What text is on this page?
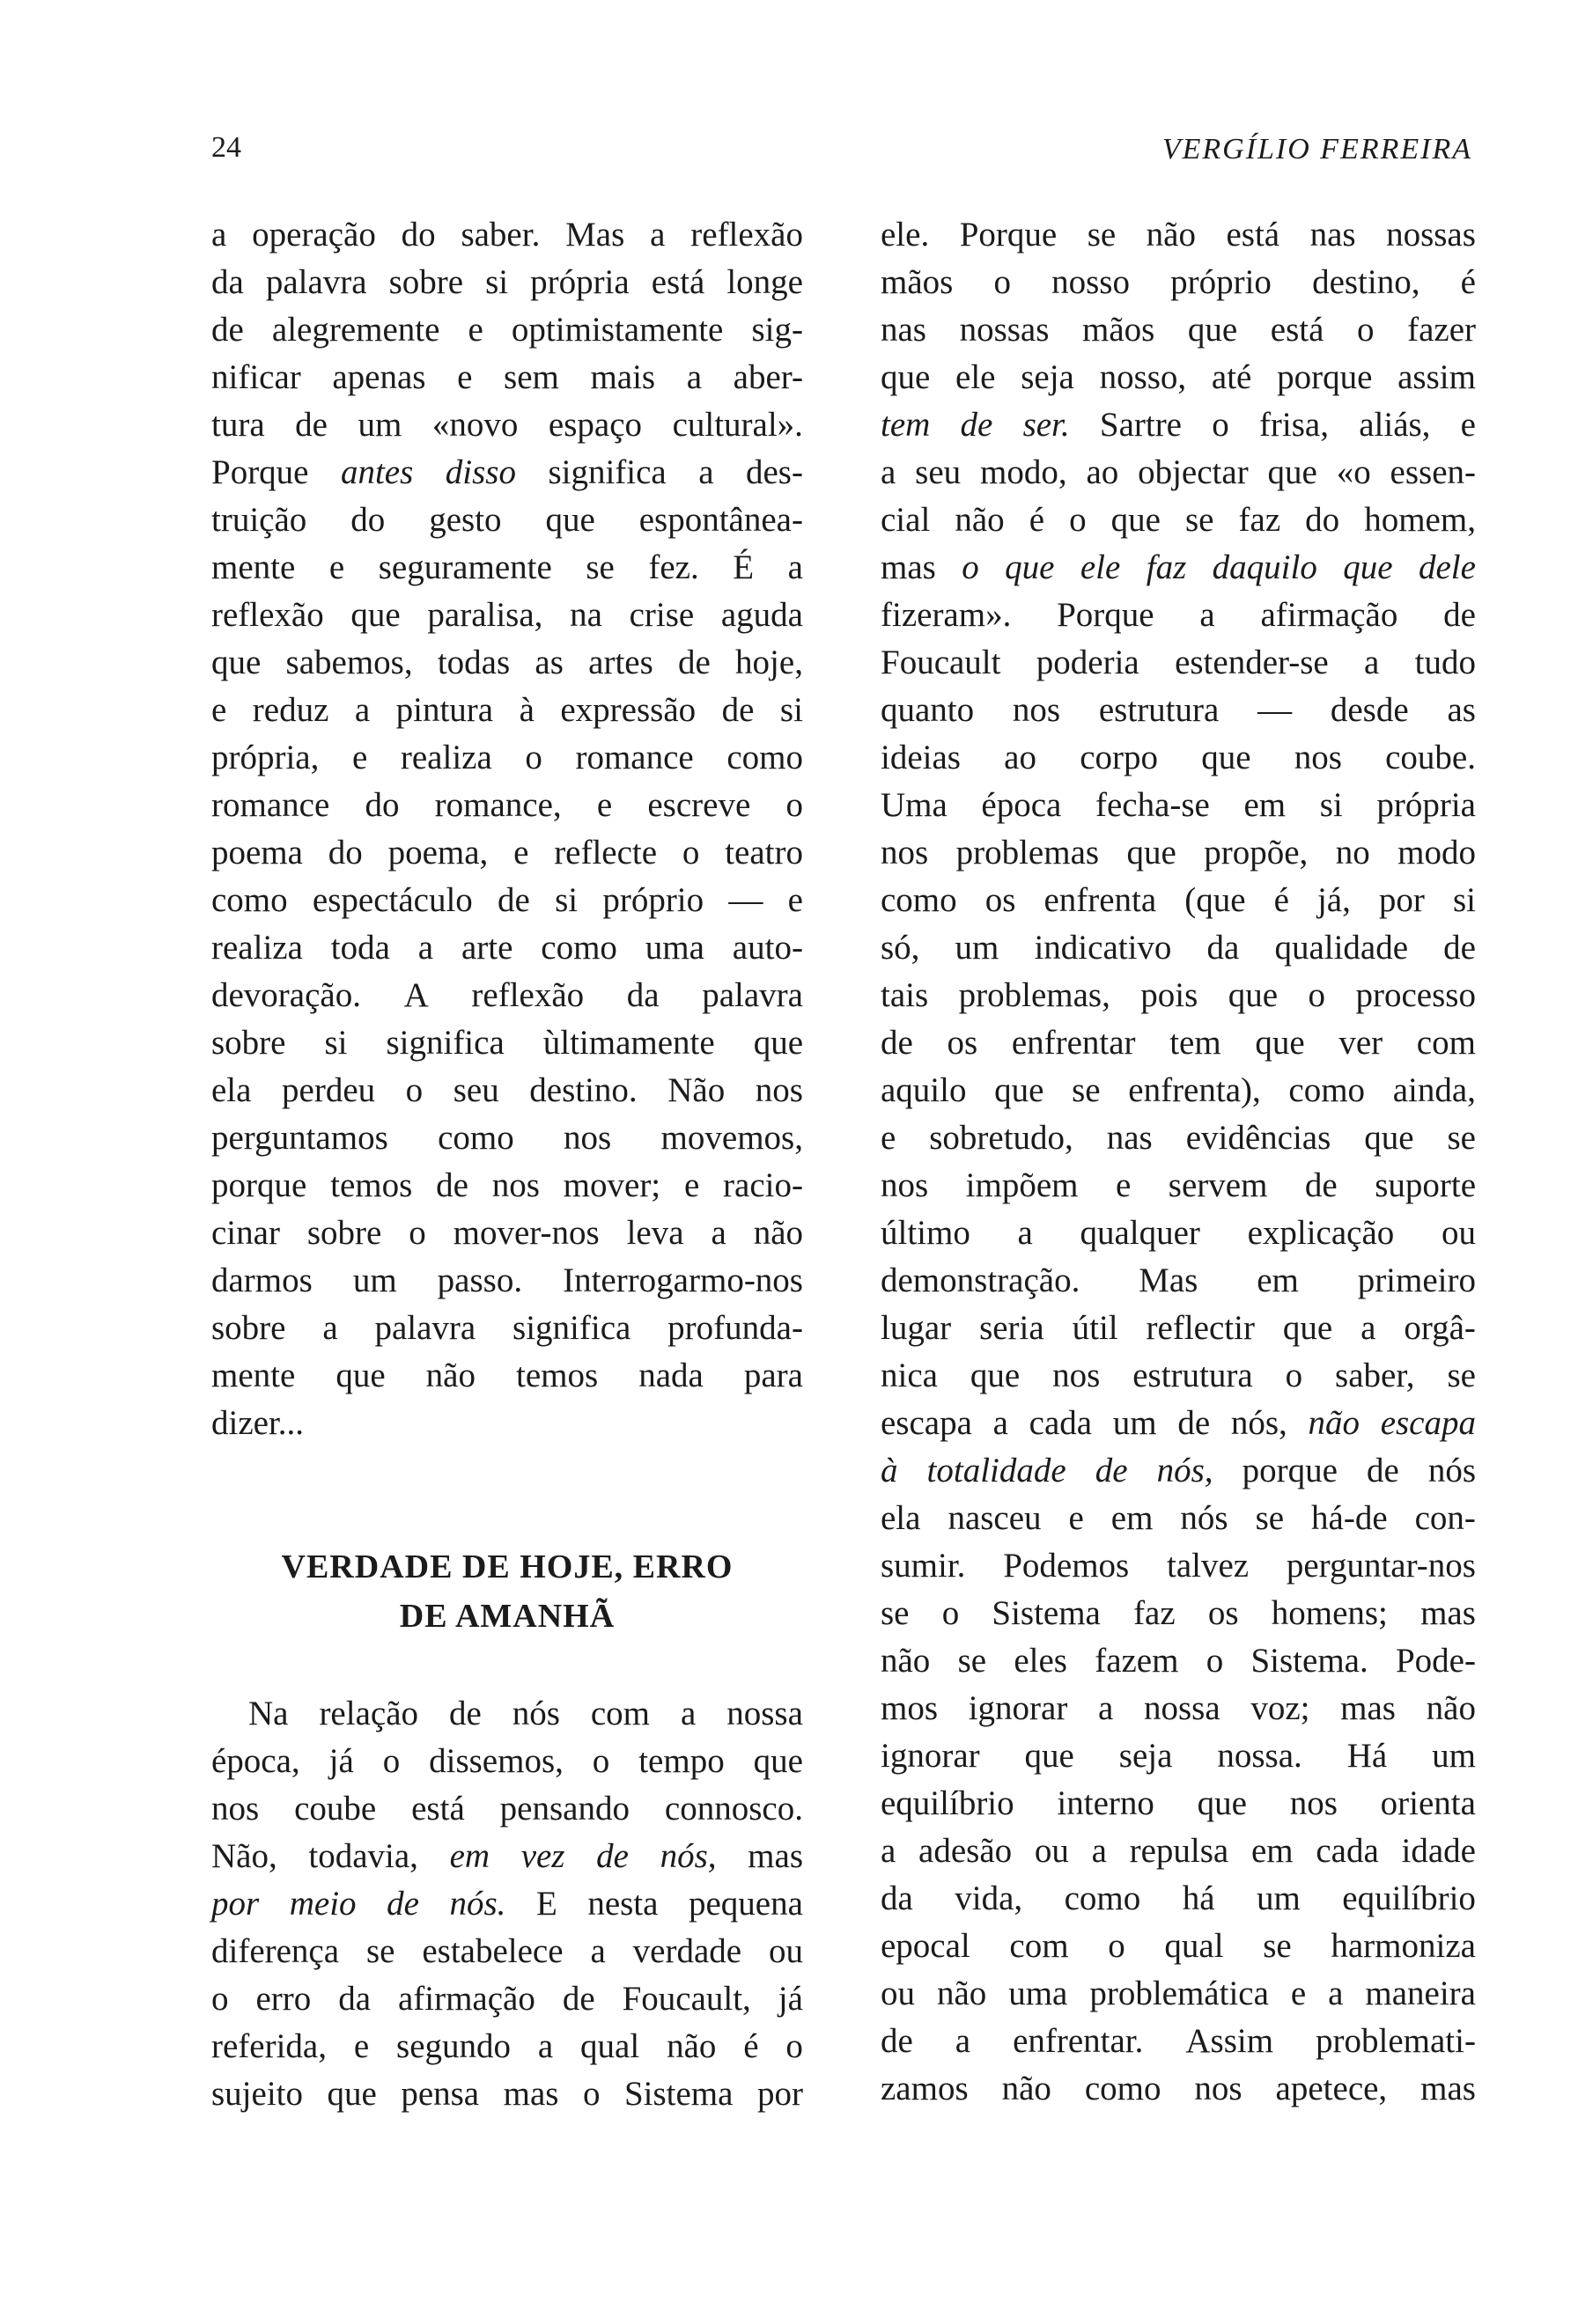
24	VERGÍLIO FERREIRA
a operação do saber. Mas a reflexão
da palavra sobre si própria está longe
de alegremente e optimistamente sig-
nificar apenas e sem mais a aber-
tura de um «novo espaço cultural».
Porque antes disso significa a des-
truição do gesto que espontânea-
mente e seguramente se fez. É a
reflexão que paralisa, na crise aguda
que sabemos, todas as artes de hoje,
e reduz a pintura à expressão de si
própria, e realiza o romance como
romance do romance, e escreve o
poema do poema, e reflecte o teatro
como espectáculo de si próprio — e
realiza toda a arte como uma auto-
devoração. A reflexão da palavra
sobre si significa ùltimamente que
ela perdeu o seu destino. Não nos
perguntamos como nos movemos,
porque temos de nos mover; e racio-
cinar sobre o mover-nos leva a não
darmos um passo. Interrogarmo-nos
sobre a palavra significa profunda-
mente que não temos nada para
dizer...
VERDADE DE HOJE, ERRO
DE AMANHÃ
Na relação de nós com a nossa
época, já o dissemos, o tempo que
nos coube está pensando connosco.
Não, todavia, em vez de nós, mas
por meio de nós. E nesta pequena
diferença se estabelece a verdade ou
o erro da afirmação de Foucault, já
referida, e segundo a qual não é o
sujeito que pensa mas o Sistema por
ele. Porque se não está nas nossas
mãos o nosso próprio destino, é
nas nossas mãos que está o fazer
que ele seja nosso, até porque assim
tem de ser. Sartre o frisa, aliás, e
a seu modo, ao objectar que «o essen-
cial não é o que se faz do homem,
mas o que ele faz daquilo que dele
fizeram». Porque a afirmação de
Foucault poderia estender-se a tudo
quanto nos estrutura — desde as
ideias ao corpo que nos coube.
Uma época fecha-se em si própria
nos problemas que propõe, no modo
como os enfrenta (que é já, por si
só, um indicativo da qualidade de
tais problemas, pois que o processo
de os enfrentar tem que ver com
aquilo que se enfrenta), como ainda,
e sobretudo, nas evidências que se
nos impõem e servem de suporte
último a qualquer explicação ou
demonstração. Mas em primeiro
lugar seria útil reflectir que a orgâ-
nica que nos estrutura o saber, se
escapa a cada um de nós, não escapa
à totalidade de nós, porque de nós
ela nasceu e em nós se há-de con-
sumir. Podemos talvez perguntar-nos
se o Sistema faz os homens; mas
não se eles fazem o Sistema. Pode-
mos ignorar a nossa voz; mas não
ignorar que seja nossa. Há um
equilíbrio interno que nos orienta
a adesão ou a repulsa em cada idade
da vida, como há um equilíbrio
epocal com o qual se harmoniza
ou não uma problemática e a maneira
de a enfrentar. Assim problemati-
zamos não como nos apetece, mas
